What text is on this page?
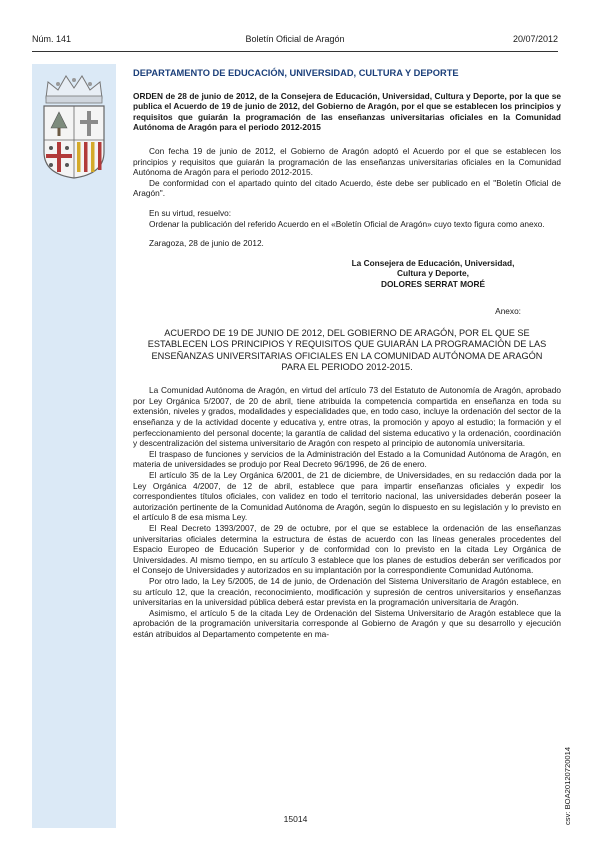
Núm. 141	Boletín Oficial de Aragón	20/07/2012
DEPARTAMENTO DE EDUCACIÓN, UNIVERSIDAD, CULTURA Y DEPORTE

ORDEN de 28 de junio de 2012, de la Consejera de Educación, Universidad, Cultura y Deporte, por la que se publica el Acuerdo de 19 de junio de 2012, del Gobierno de Aragón, por el que se establecen los principios y requisitos que guiarán la programación de las enseñanzas universitarias oficiales en la Comunidad Autónoma de Aragón para el periodo 2012-2015

Con fecha 19 de junio de 2012, el Gobierno de Aragón adoptó el Acuerdo por el que se establecen los principios y requisitos que guiarán la programación de las enseñanzas universitarias oficiales en la Comunidad Autónoma de Aragón para el periodo 2012-2015.

De conformidad con el apartado quinto del citado Acuerdo, éste debe ser publicado en el "Boletín Oficial de Aragón".

En su virtud, resuelvo:

Ordenar la publicación del referido Acuerdo en el «Boletín Oficial de Aragón» cuyo texto figura como anexo.

Zaragoza, 28 de junio de 2012.

La Consejera de Educación, Universidad,
Cultura y Deporte,
DOLORES SERRAT MORÉ
Anexo:
ACUERDO DE 19 DE JUNIO DE 2012, DEL GOBIERNO DE ARAGÓN, POR EL QUE SE ESTABLECEN LOS PRINCIPIOS Y REQUISITOS QUE GUIARÁN LA PROGRAMACIÓN DE LAS ENSEÑANZAS UNIVERSITARIAS OFICIALES EN LA COMUNIDAD AUTÓNOMA DE ARAGÓN PARA EL PERIODO 2012-2015.

La Comunidad Autónoma de Aragón, en virtud del artículo 73 del Estatuto de Autonomía de Aragón, aprobado por Ley Orgánica 5/2007, de 20 de abril, tiene atribuida la competencia compartida en enseñanza en toda su extensión, niveles y grados, modalidades y especialidades que, en todo caso, incluye la ordenación del sector de la enseñanza y de la actividad docente y educativa y, entre otras, la promoción y apoyo al estudio; la formación y el perfeccionamiento del personal docente; la garantía de calidad del sistema educativo y la ordenación, coordinación y descentralización del sistema universitario de Aragón con respeto al principio de autonomía universitaria.

El traspaso de funciones y servicios de la Administración del Estado a la Comunidad Autónoma de Aragón, en materia de universidades se produjo por Real Decreto 96/1996, de 26 de enero.

El artículo 35 de la Ley Orgánica 6/2001, de 21 de diciembre, de Universidades, en su redacción dada por la Ley Orgánica 4/2007, de 12 de abril, establece que para impartir enseñanzas oficiales y expedir los correspondientes títulos oficiales, con validez en todo el territorio nacional, las universidades deberán poseer la autorización pertinente de la Comunidad Autónoma de Aragón, según lo dispuesto en su legislación y lo previsto en el artículo 8 de esa misma Ley.

El Real Decreto 1393/2007, de 29 de octubre, por el que se establece la ordenación de las enseñanzas universitarias oficiales determina la estructura de éstas de acuerdo con las líneas generales procedentes del Espacio Europeo de Educación Superior y de conformidad con lo previsto en la citada Ley Orgánica de Universidades. Al mismo tiempo, en su artículo 3 establece que los planes de estudios deberán ser verificados por el Consejo de Universidades y autorizados en su implantación por la correspondiente Comunidad Autónoma.

Por otro lado, la Ley 5/2005, de 14 de junio, de Ordenación del Sistema Universitario de Aragón establece, en su artículo 12, que la creación, reconocimiento, modificación y supresión de centros universitarios y enseñanzas universitarias en la universidad pública deberá estar prevista en la programación universitaria de Aragón.

Asimismo, el artículo 5 de la citada Ley de Ordenación del Sistema Universitario de Aragón establece que la aprobación de la programación universitaria corresponde al Gobierno de Aragón y que su desarrollo y ejecución están atribuidos al Departamento competente en ma-

15014	csv: BOA20120720014
